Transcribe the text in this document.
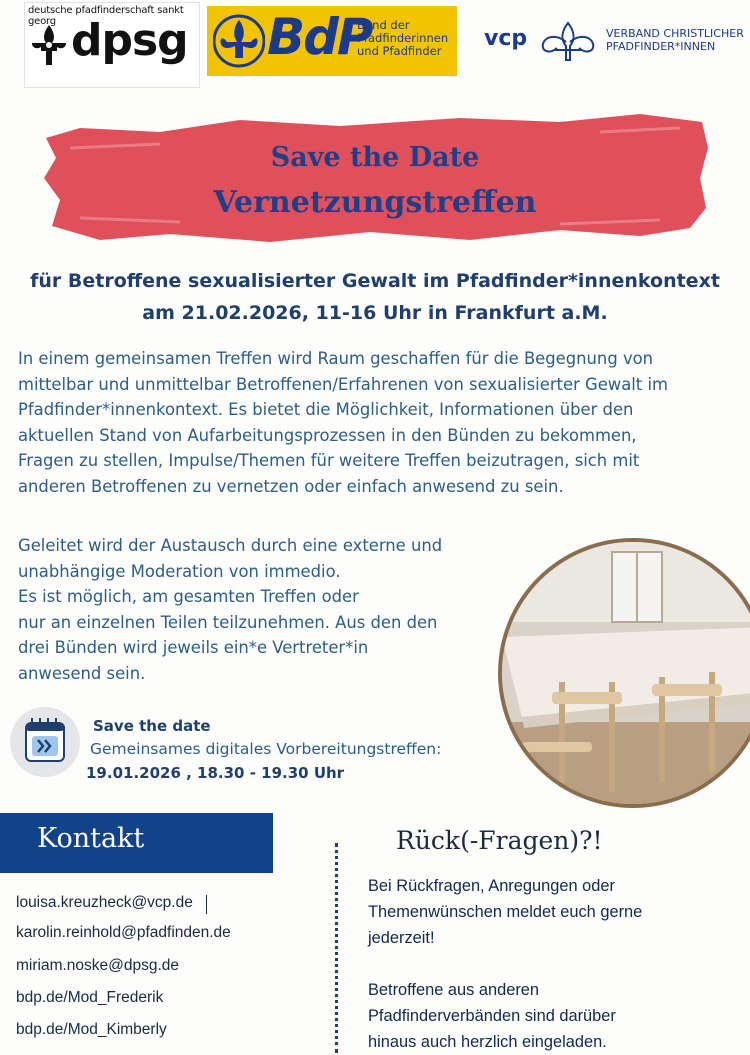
deutsche pfadfinderschaft sankt georg dpsg BdP
Bund der
Pfadfinderinnen
und Pfadfinder	vcp	VERBAND CHRISTLICHER
PFADFINDER*INNEN
Save the Date
Vernetzungstreffen
für Betroffene sexualisierter Gewalt im Pfadfinder*innenkontext
am 21.02.2026, 11-16 Uhr in Frankfurt a.M.
In einem gemeinsamen Treffen wird Raum geschaffen für die Begegnung von
mittelbar und unmittelbar Betroffenen/Erfahrenen von sexualisierter Gewalt im
Pfadfinder*innenkontext. Es bietet die Möglichkeit, Informationen über den
aktuellen Stand von Aufarbeitungsprozessen in den Bünden zu bekommen,
Fragen zu stellen, Impulse/Themen für weitere Treffen beizutragen, sich mit
anderen Betroffenen zu vernetzen oder einfach anwesend zu sein.
Geleitet wird der Austausch durch eine externe und
unabhängige Moderation von immedio.
Es ist möglich, am gesamten Treffen oder
nur an einzelnen Teilen teilzunehmen. Aus den den
drei Bünden wird jeweils ein*e Vertreter*in
anwesend sein.
Save the date
Gemeinsames digitales Vorbereitungstreffen:
19.01.2026 , 18.30 - 19.30 Uhr
Kontakt
louisa.kreuzheck@vcp.de
karolin.reinhold@pfadfinden.de
miriam.noske@dpsg.de
bdp.de/Mod_Frederik
bdp.de/Mod_Kimberly
Rück(-Fragen)?!
Bei Rückfragen, Anregungen oder
Themenwünschen meldet euch gerne
jederzeit!
Betroffene aus anderen
Pfadfinderverbänden sind darüber
hinaus auch herzlich eingeladen.
